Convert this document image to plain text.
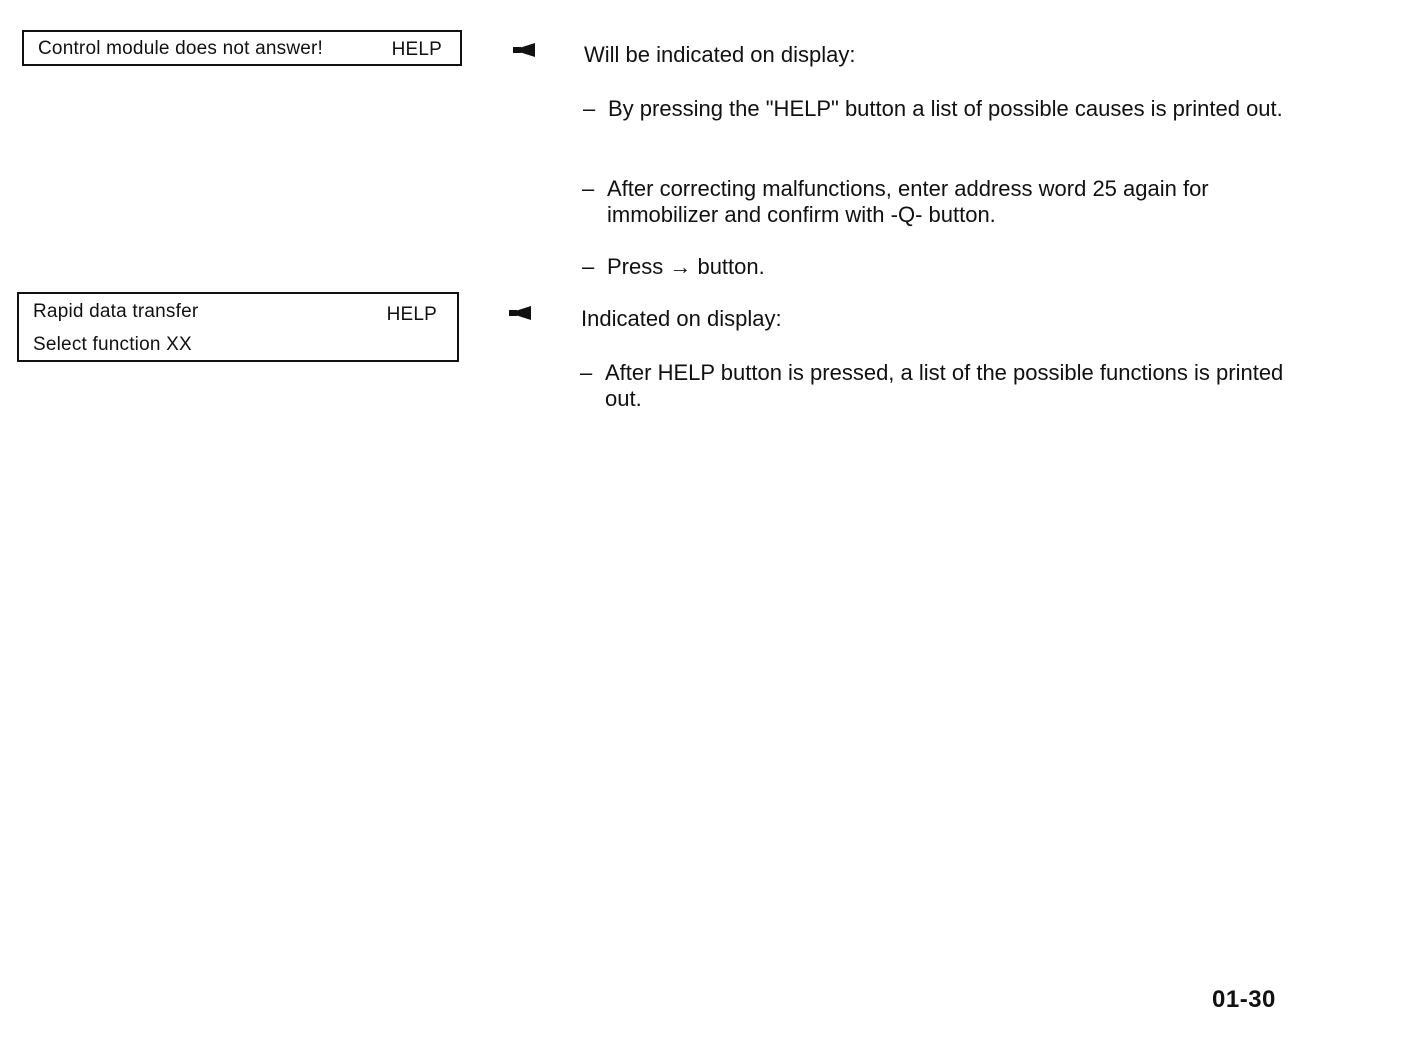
Control module does not answer!	HELP	Will be indicated on display:
– By pressing the "HELP" button a list of possible causes is printed out.
– After correcting malfunctions, enter address word 25 again for immobilizer and confirm with -Q- button.
– Press → button.
Rapid data transfer
Select function XX
HELP	Indicated on display:
– After HELP button is pressed, a list of the possible functions is printed out.
01-30
